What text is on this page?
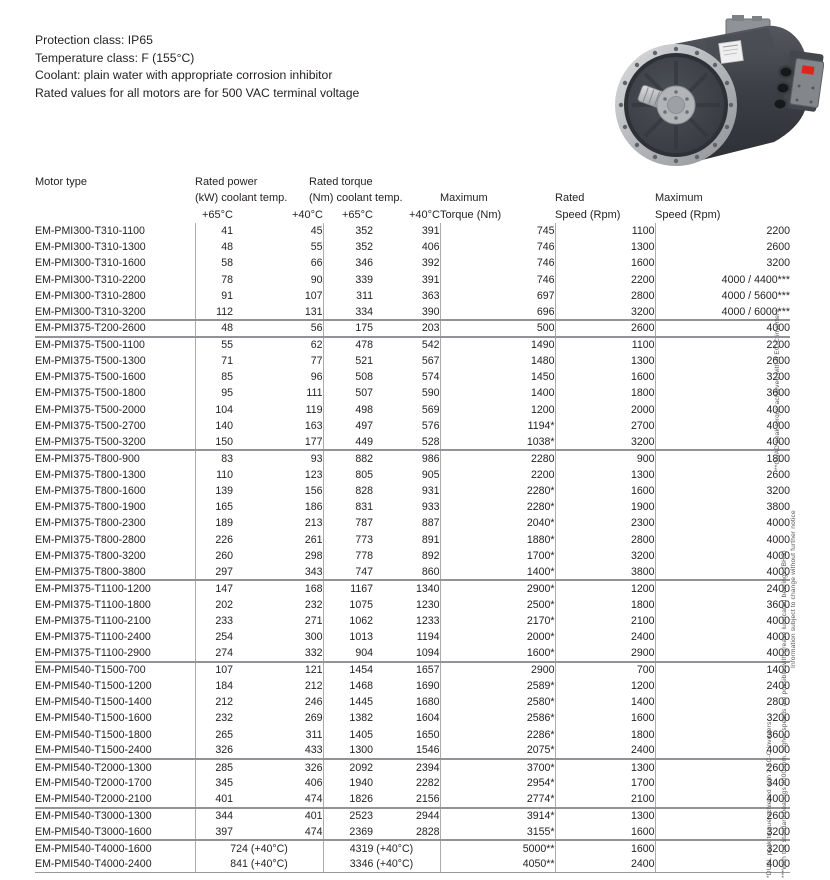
Protection class: IP65
Temperature class: F (155°C)
Coolant: plain water with appropriate corrosion inhibitor
Rated values for all motors are for 500 VAC terminal voltage
Motor type	Rated power	Rated torque			
	(kW) coolant temp.	(Nm) coolant temp.	Maximum	Rated	Maximum
	+65°C	+40°C	+65°C	+40°C	Torque (Nm)	Speed (Rpm)	Speed (Rpm)
EM-PMI300-T310-1100	41	45	352	391	745	1100	2200
EM-PMI300-T310-1300	48	55	352	406	746	1300	2600
EM-PMI300-T310-1600	58	66	346	392	746	1600	3200
EM-PMI300-T310-2200	78	90	339	391	746	2200	4000 / 4400***
EM-PMI300-T310-2800	91	107	311	363	697	2800	4000 / 5600***
EM-PMI300-T310-3200	112	131	334	390	696	3200	4000 / 6000***
EM-PMI375-T200-2600	48	56	175	203	500	2600	4000
EM-PMI375-T500-1100	55	62	478	542	1490	1100	2200
EM-PMI375-T500-1300	71	77	521	567	1480	1300	2600
EM-PMI375-T500-1600	85	96	508	574	1450	1600	3200
EM-PMI375-T500-1800	95	111	507	590	1400	1800	3600
EM-PMI375-T500-2000	104	119	498	569	1200	2000	4000
EM-PMI375-T500-2700	140	163	497	576	1194*	2700	4000
EM-PMI375-T500-3200	150	177	449	528	1038*	3200	4000
EM-PMI375-T800-900	83	93	882	986	2280	900	1800
EM-PMI375-T800-1300	110	123	805	905	2200	1300	2600
EM-PMI375-T800-1600	139	156	828	931	2280*	1600	3200
EM-PMI375-T800-1900	165	186	831	933	2280*	1900	3800
EM-PMI375-T800-2300	189	213	787	887	2040*	2300	4000
EM-PMI375-T800-2800	226	261	773	891	1880*	2800	4000
EM-PMI375-T800-3200	260	298	778	892	1700*	3200	4000
EM-PMI375-T800-3800	297	343	747	860	1400*	3800	4000
EM-PMI375-T1100-1200	147	168	1167	1340	2900*	1200	2400
EM-PMI375-T1100-1800	202	232	1075	1230	2500*	1800	3600
EM-PMI375-T1100-2100	233	271	1062	1233	2170*	2100	4000
EM-PMI375-T1100-2400	254	300	1013	1194	2000*	2400	4000
EM-PMI375-T1100-2900	274	332	904	1094	1600*	2900	4000
EM-PMI540-T1500-700	107	121	1454	1657	2900	700	1400
EM-PMI540-T1500-1200	184	212	1468	1690	2589*	1200	2400
EM-PMI540-T1500-1400	212	246	1445	1680	2580*	1400	2800
EM-PMI540-T1500-1600	232	269	1382	1604	2586*	1600	3200
EM-PMI540-T1500-1800	265	311	1405	1650	2286*	1800	3600
EM-PMI540-T1500-2400	326	433	1300	1546	2075*	2400	4000
EM-PMI540-T2000-1300	285	326	2092	2394	3700*	1300	2600
EM-PMI540-T2000-1700	345	406	1940	2282	2954*	1700	3400
EM-PMI540-T2000-2100	401	474	1826	2156	2774*	2100	4000
EM-PMI540-T3000-1300	344	401	2523	2944	3914*	1300	2600
EM-PMI540-T3000-1600	397	474	2369	2828	3155*	1600	3200
EM-PMI540-T4000-1600	724 (+40°C)	4319 (+40°C)	5000**	1600	3200
EM-PMI540-T4000-2400	841 (+40°C)	3346 (+40°C)	4050**	2400	4000
**QUAD peak torque achieved with 4 EC-C inverters
Information subject to change without further notice
***With the standard bearings 4000 rpm, higher speeds are possible with grease lubricated bearings (BHS)
*DUAL peak torque achieved with 2 EC-C inverters
